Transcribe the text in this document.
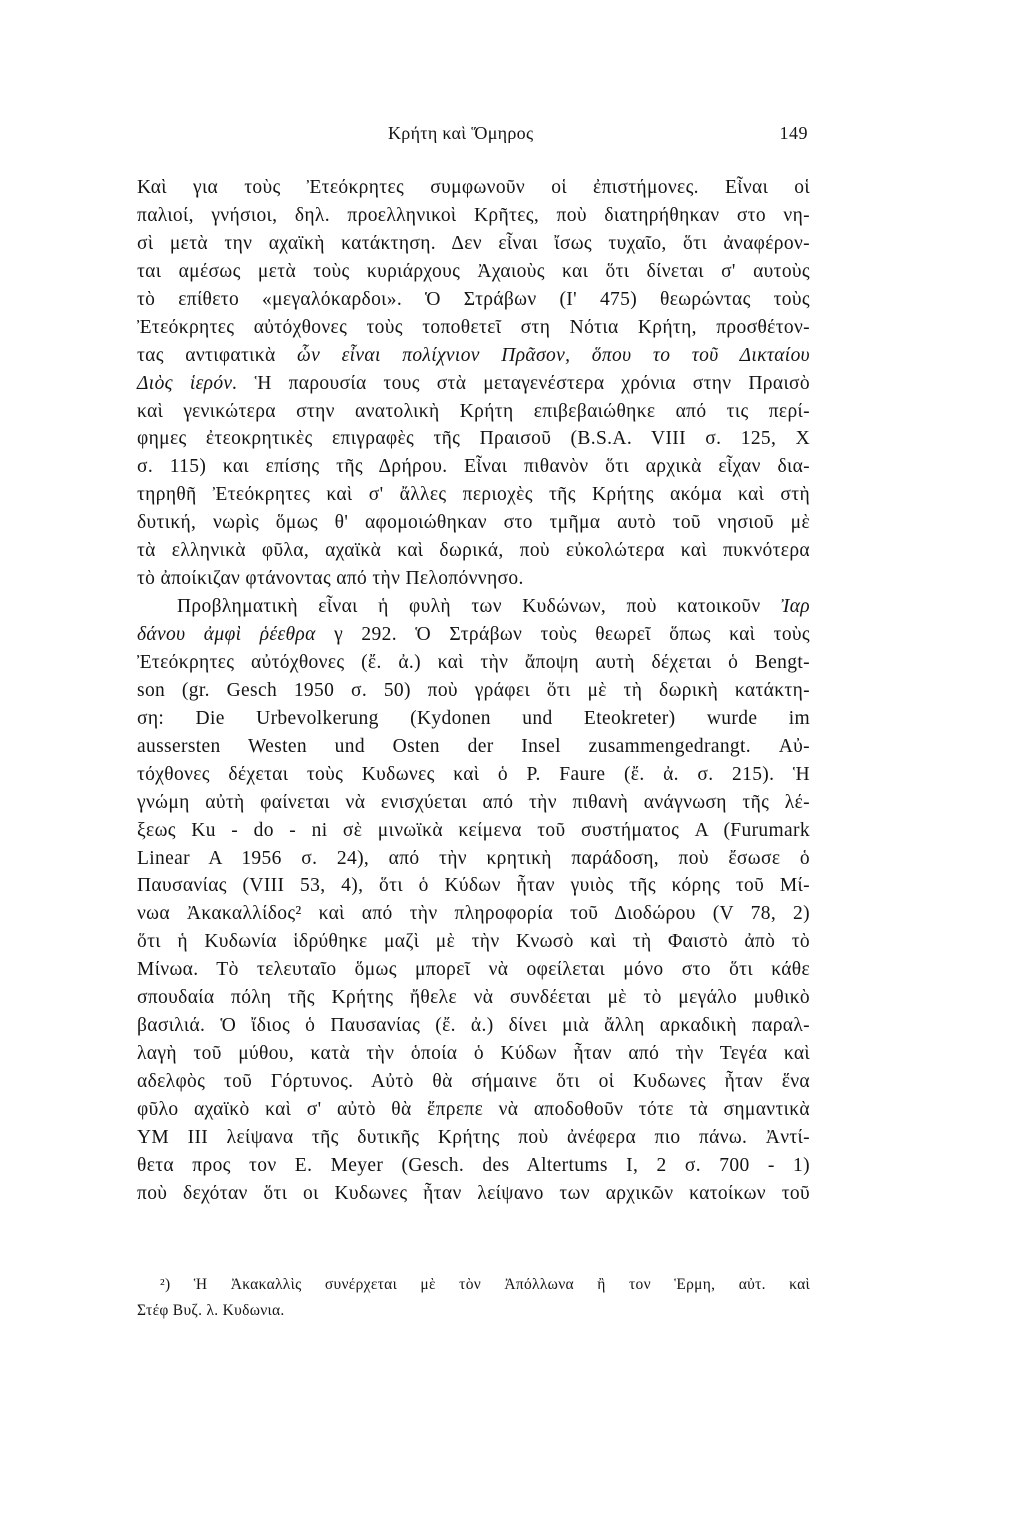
Κρήτη καὶ Ὅμηρος	149
Καὶ για τοὺς Ἐτεόκρητες συμφωνοῦν οἱ ἐπιστήμονες. Εἶναι οἱ
παλιοί, γνήσιοι, δηλ. προελληνικοὶ Κρῆτες, ποὺ διατηρήθηκαν στο νη-
σὶ μετὰ την αχαϊκὴ κατάκτηση. Δεν εἶναι ἴσως τυχαῖο, ὅτι ἀναφέρον-
ται αμέσως μετὰ τοὺς κυριάρχους Ἀχαιοὺς και ὅτι δίνεται σ' αυτοὺς
τὸ επίθετο «μεγαλόκαρδοι». Ὁ Στράβων (Ι' 475) θεωρώντας τοὺς
Ἐτεόκρητες αὐτόχθονες τοὺς τοποθετεῖ στη Νότια Κρήτη, προσθέτον-
τας αντιφατικὰ ὧν εἶναι πολίχνιον Πρᾶσον, ὅπου το τοῦ Δικταίου
Διὸς ἱερόν. Ἡ παρουσία τους στὰ μεταγενέστερα χρόνια στην Πραισὸ
καὶ γενικώτερα στην ανατολικὴ Κρήτη επιβεβαιώθηκε από τις περί-
φημες ἐτεοκρητικὲς επιγραφὲς τῆς Πραισοῦ (B.S.A. VIII σ. 125, X
σ. 115) και επίσης τῆς Δρήρου. Εἶναι πιθανὸν ὅτι αρχικὰ εἶχαν δια-
τηρηθῆ Ἐτεόκρητες καὶ σ' ἄλλες περιοχὲς τῆς Κρήτης ακόμα καὶ στὴ
δυτική, νωρὶς ὅμως θ' αφομοιώθηκαν στο τμῆμα αυτὸ τοῦ νησιοῦ μὲ
τὰ ελληνικὰ φῦλα, αχαϊκὰ καὶ δωρικά, ποὺ εὐκολώτερα καὶ πυκνότερα
τὸ ἀποίκιζαν φτάνοντας από τὴν Πελοπόννησο.
Προβληματικὴ εἶναι ἡ φυλὴ των Κυδώνων, ποὺ κατοικοῦν Ἰαρ
δάνου ἀμφὶ ῥέεθρα γ 292. Ὁ Στράβων τοὺς θεωρεῖ ὅπως καὶ τοὺς
Ἐτεόκρητες αὐτόχθονες (ἔ. ἀ.) καὶ τὴν ἄποψη αυτὴ δέχεται ὁ Bengt-
son (gr. Gesch 1950 σ. 50) ποὺ γράφει ὅτι μὲ τὴ δωρικὴ κατάκτη-
ση: Die Urbevolkerung (Kydonen und Eteokreter) wurde im
aussersten Westen und Osten der Insel zusammengedrangt. Αὐ-
τόχθονες δέχεται τοὺς Κυδωνες καὶ ὁ P. Faure (ἔ. ἀ. σ. 215). Ἡ
γνώμη αὐτὴ φαίνεται νὰ ενισχύεται από τὴν πιθανὴ ανάγνωση τῆς λέ-
ξεως Ku - do - ni σὲ μινωϊκὰ κείμενα τοῦ συστήματος A (Furumark
Linear A 1956 σ. 24), από τὴν κρητικὴ παράδοση, ποὺ ἔσωσε ὁ
Παυσανίας (VIII 53, 4), ὅτι ὁ Κύδων ἦταν γυιὸς τῆς κόρης τοῦ Μί-
νωα Ἀκακαλλίδος² καὶ από τὴν πληροφορία τοῦ Διοδώρου (V 78, 2)
ὅτι ἡ Κυδωνία ἱδρύθηκε μαζὶ μὲ τὴν Κνωσὸ καὶ τὴ Φαιστὸ ἀπὸ τὸ
Μίνωα. Τὸ τελευταῖο ὅμως μπορεῖ νὰ οφείλεται μόνο στο ὅτι κάθε
σπουδαία πόλη τῆς Κρήτης ἤθελε νὰ συνδέεται μὲ τὸ μεγάλο μυθικὸ
βασιλιά. Ὁ ἴδιος ὁ Παυσανίας (ἔ. ἀ.) δίνει μιὰ ἄλλη αρκαδικὴ παραλ-
λαγὴ τοῦ μύθου, κατὰ τὴν ὁποία ὁ Κύδων ἦταν από τὴν Τεγέα καὶ
αδελφὸς τοῦ Γόρτυνος. Αὐτὸ θὰ σήμαινε ὅτι οἱ Κυδωνες ἦταν ἕνα
φῦλο αχαϊκὸ καὶ σ' αὐτὸ θὰ ἔπρεπε νὰ αποδοθοῦν τότε τὰ σημαντικὰ
YM III λείψανα τῆς δυτικῆς Κρήτης ποὺ ἀνέφερα πιο πάνω. Ἀντί-
θετα προς τον E. Meyer (Gesch. des Altertums I, 2 σ. 700 - 1)
ποὺ δεχόταν ὅτι οι Κυδωνες ἦταν λείψανο των αρχικῶν κατοίκων τοῦ
²) Ἡ Ἀκακαλλὶς συνέρχεται μὲ τὸν Ἀπόλλωνα ἢ τον Ἑρμη, αὐτ. καὶ
Στέφ Βυζ. λ. Κυδωνια.
